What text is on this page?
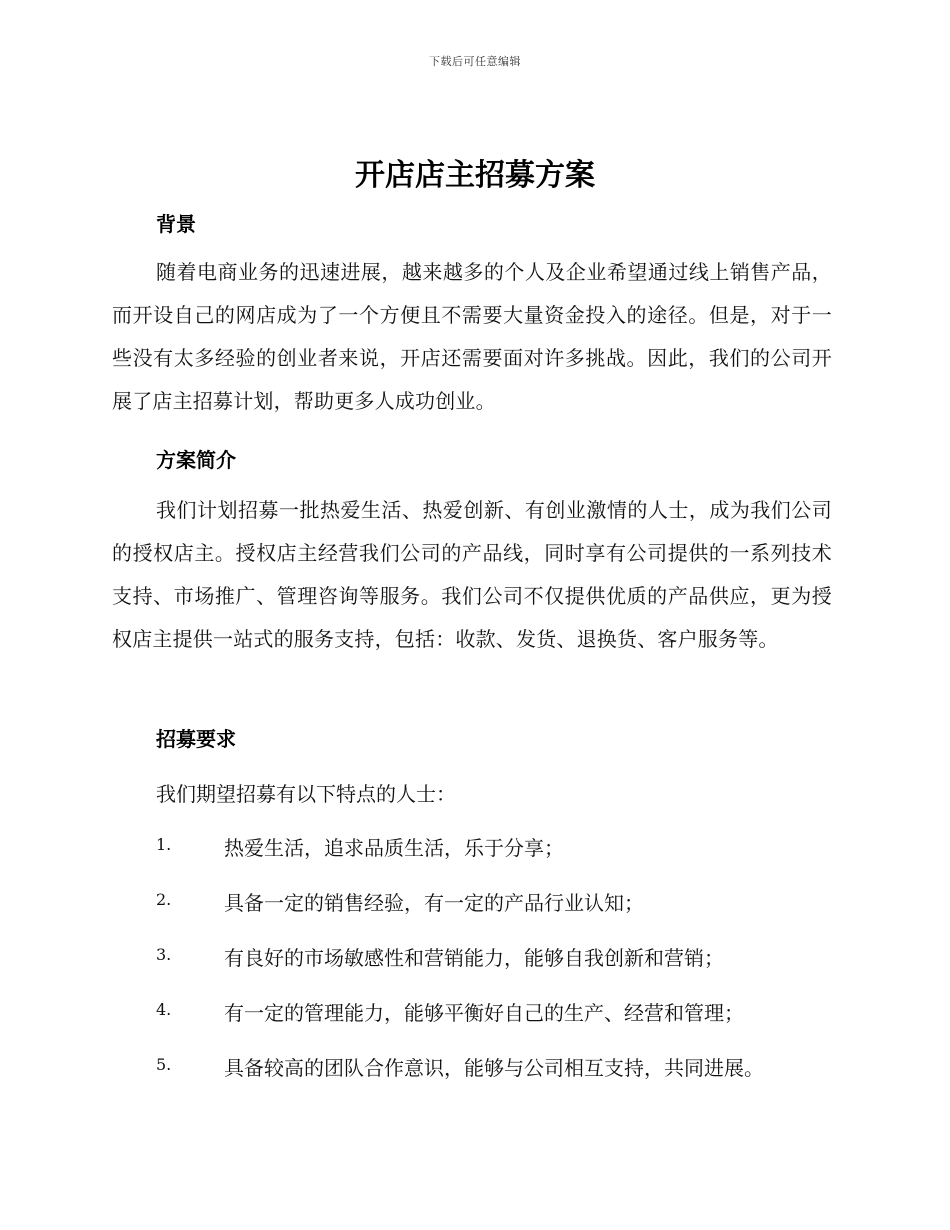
下载后可任意编辑
开店店主招募方案
背景

随着电商业务的迅速进展，越来越多的个人及企业希望通过线上销售产品，而开设自己的网店成为了一个方便且不需要大量资金投入的途径。但是，对于一些没有太多经验的创业者来说，开店还需要面对许多挑战。因此，我们的公司开展了店主招募计划，帮助更多人成功创业。

方案简介

我们计划招募一批热爱生活、热爱创新、有创业激情的人士，成为我们公司的授权店主。授权店主经营我们公司的产品线，同时享有公司提供的一系列技术支持、市场推广、管理咨询等服务。我们公司不仅提供优质的产品供应，更为授权店主提供一站式的服务支持，包括：收款、发货、退换货、客户服务等。

招募要求

我们期望招募有以下特点的人士：

1.	热爱生活，追求品质生活，乐于分享；
2.	具备一定的销售经验，有一定的产品行业认知；
3.	有良好的市场敏感性和营销能力，能够自我创新和营销；
4.	有一定的管理能力，能够平衡好自己的生产、经营和管理；
5.	具备较高的团队合作意识，能够与公司相互支持，共同进展。
